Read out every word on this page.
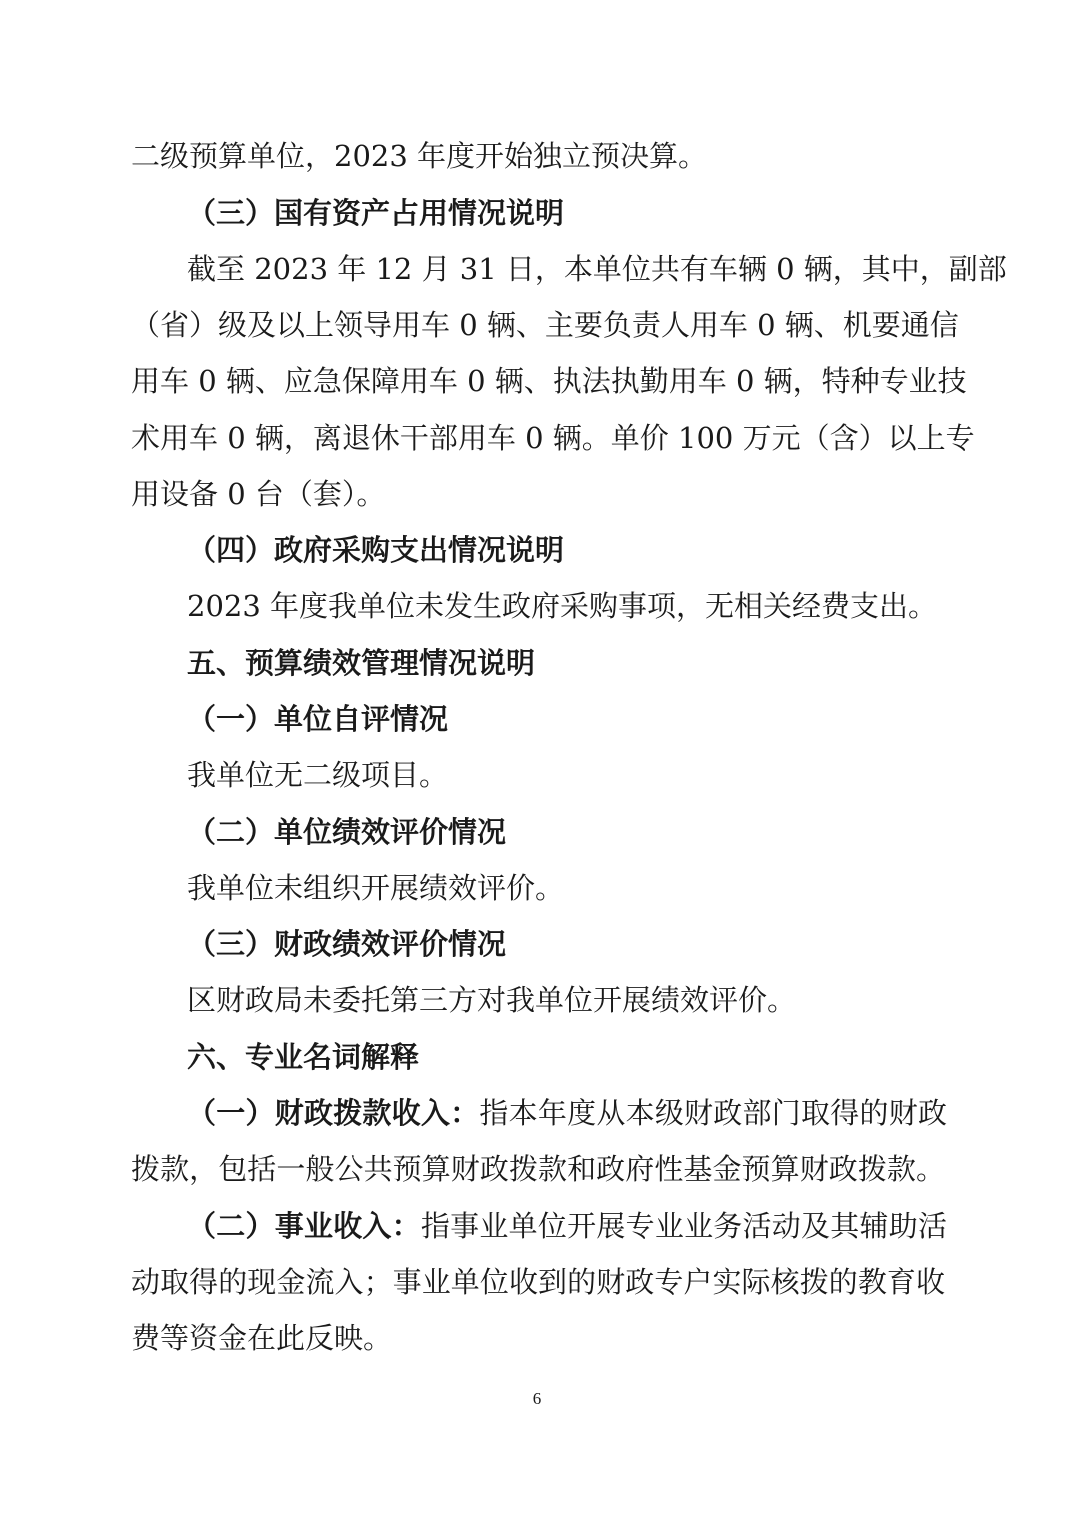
二级预算单位，2023 年度开始独立预决算。

（三）国有资产占用情况说明

截至 2023 年 12 月 31 日，本单位共有车辆 0 辆，其中，副部

（省）级及以上领导用车 0 辆、主要负责人用车 0 辆、机要通信

用车 0 辆、应急保障用车 0 辆、执法执勤用车 0 辆，特种专业技

术用车 0 辆，离退休干部用车 0 辆。单价 100 万元（含）以上专

用设备 0 台（套）。

（四）政府采购支出情况说明

2023 年度我单位未发生政府采购事项，无相关经费支出。

五、预算绩效管理情况说明

（一）单位自评情况

我单位无二级项目。

（二）单位绩效评价情况

我单位未组织开展绩效评价。

（三）财政绩效评价情况

区财政局未委托第三方对我单位开展绩效评价。

六、专业名词解释

（一）财政拨款收入：指本年度从本级财政部门取得的财政

拨款，包括一般公共预算财政拨款和政府性基金预算财政拨款。

（二）事业收入：指事业单位开展专业业务活动及其辅助活

动取得的现金流入；事业单位收到的财政专户实际核拨的教育收

费等资金在此反映。

6
